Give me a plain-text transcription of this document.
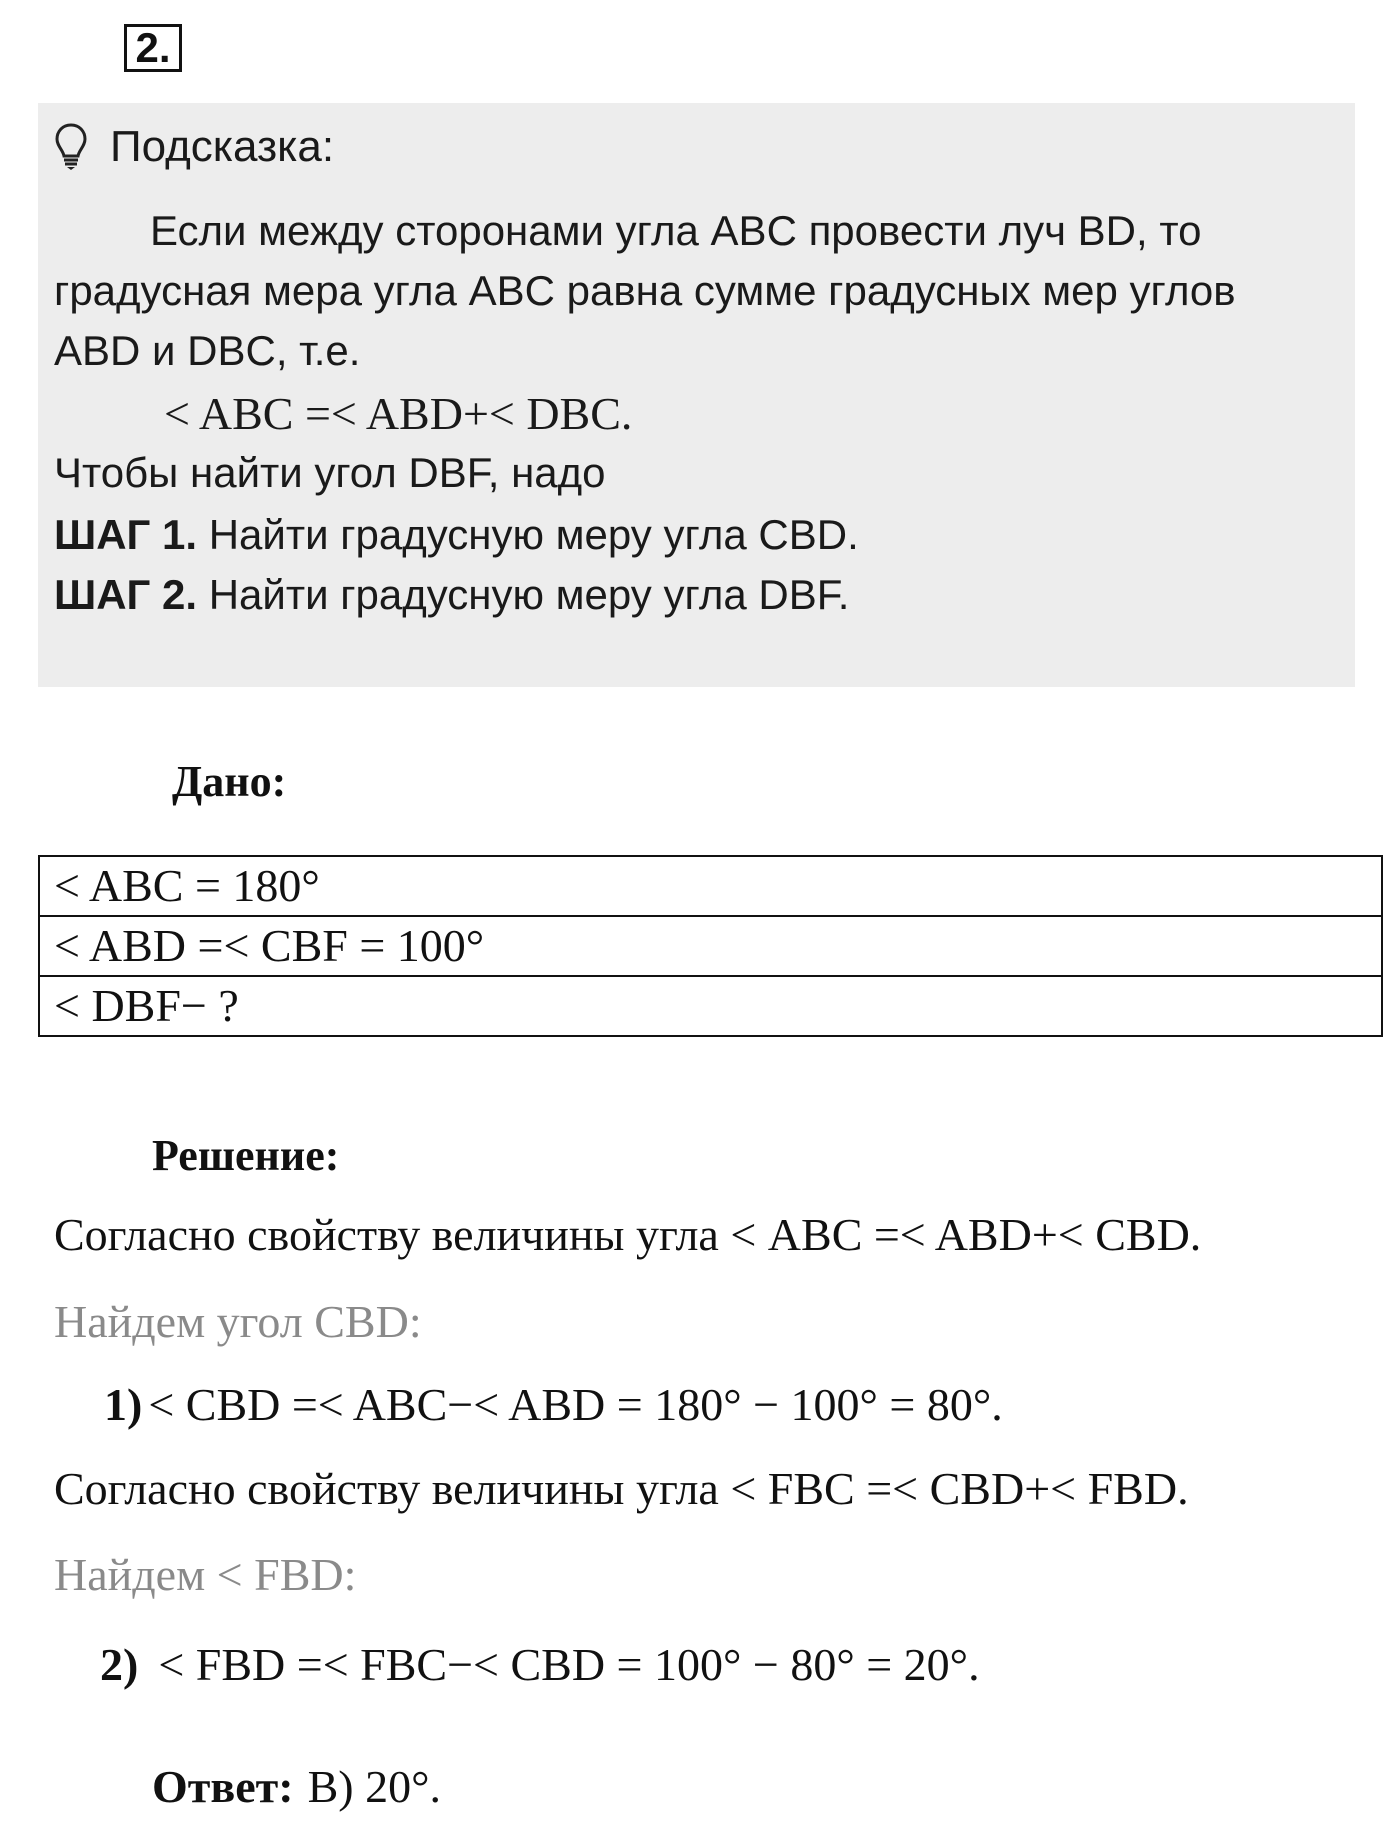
2.
Подсказка:
Если между сторонами угла ABC провести луч BD, то
градусная мера угла ABC равна сумме градусных мер углов
ABD и DBC, т.е.
< ABC =< ABD+< DBC.
Чтобы найти угол DBF, надо
ШАГ 1. Найти градусную меру угла CBD.
ШАГ 2. Найти градусную меру угла DBF.
Дано:
< ABC = 180°
< ABD =< CBF = 100°
< DBF− ?
Решение:
Согласно свойству величины угла < ABC =< ABD+< CBD.
Найдем угол CBD:
1) < CBD =< ABC−< ABD = 180° − 100° = 80°.
Согласно свойству величины угла < FBC =< CBD+< FBD.
Найдем < FBD:
2) < FBD =< FBC−< CBD = 100° − 80° = 20°.
Ответ: В) 20°.
